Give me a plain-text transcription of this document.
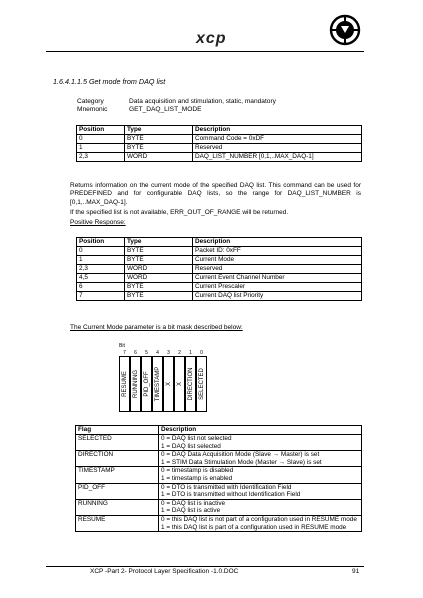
xcp
1.6.4.1.1.5 Get mode from DAQ list
Category	Data acquisition and stimulation, static, mandatory
Mnemonic	GET_DAQ_LIST_MODE
Position	Type	Description
0	BYTE	Command Code = 0xDF
1	BYTE	Reserved
2,3	WORD	DAQ_LIST_NUMBER [0,1,..MAX_DAQ-1]
Returns information on the current mode of the specified DAQ list. This command can be used for PREDEFINED and for configurable DAQ lists, so the range for DAQ_LIST_NUMBER is [0,1,..MAX_DAQ-1].
If the specified list is not available, ERR_OUT_OF_RANGE will be returned.
Positive Response:
Position	Type	Description
0	BYTE	Packet ID: 0xFF
1	BYTE	Current Mode
2,3	WORD	Reserved
4,5	WORD	Current Event Channel Number
6	BYTE	Current Prescaler
7	BYTE	Current DAQ list Priority
The Current Mode parameter is a bit mask described below:
Bit
7
RESUME
6
RUNNING
5
PID_OFF
4
TIMESTAMP
3
X
2
X
1
DIRECTION
0
SELECTED
Flag	Description
SELECTED	0 = DAQ list not selected
1 = DAQ list selected

DIRECTION	0 = DAQ Data Acquisition Mode (Slave → Master) is set
1 = STIM Data Stimulation Mode (Master → Slave) is set

TIMESTAMP	0 = timestamp is disabled
1 = timestamp is enabled

PID_OFF	0 = DTO is transmitted with Identification Field
1 = DTO is transmitted without Identification Field

RUNNING	0 = DAQ list is inactive
1 = DAQ list is active

RESUME	0 = this DAQ list is not part of a configuration used in RESUME mode
1 = this DAQ list is part of a configuration used in RESUME mode
XCP -Part 2- Protocol Layer Specification -1.0.DOC	91
